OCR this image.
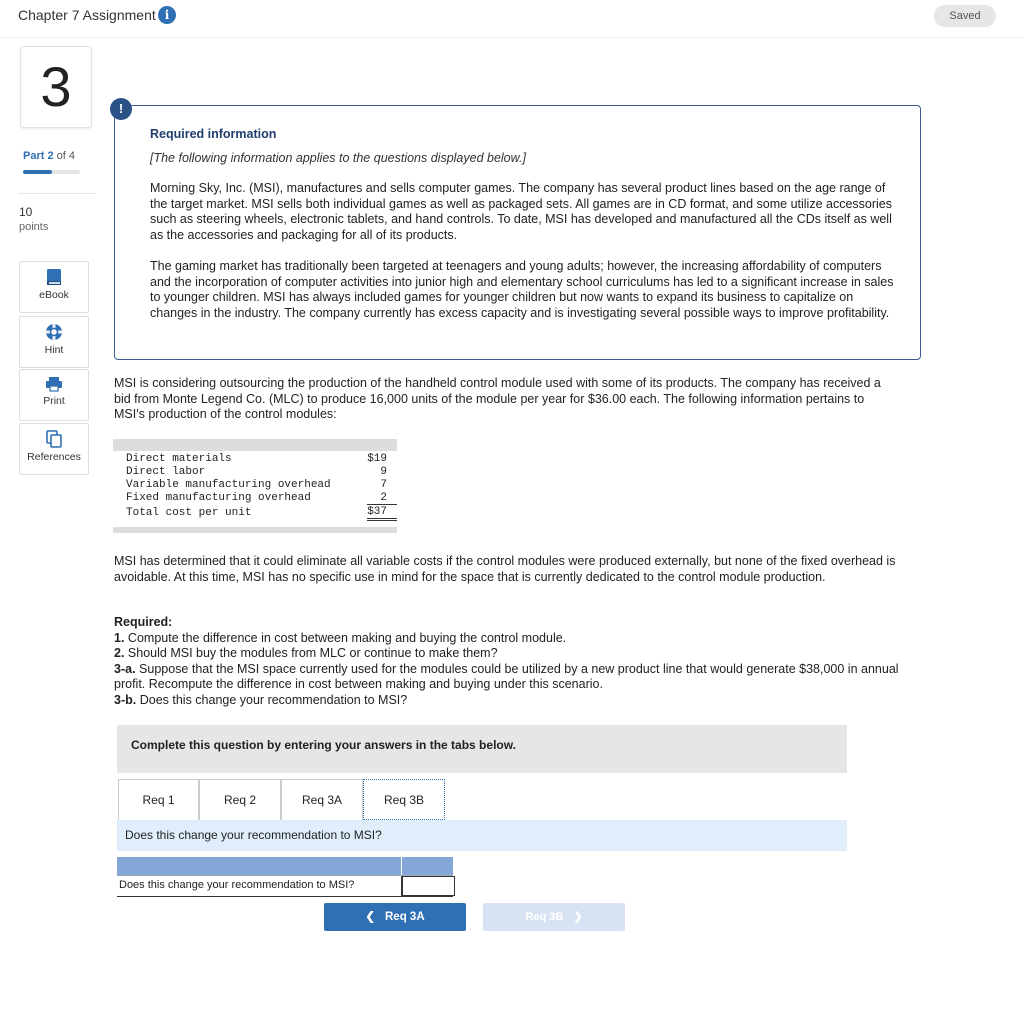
Chapter 7 Assignment i	Saved
3
Part 2 of 4
10
points
eBook
Hint
Print
References
!
Required information
[The following information applies to the questions displayed below.]
Morning Sky, Inc. (MSI), manufactures and sells computer games. The company has several product lines based on the age range of the target market. MSI sells both individual games as well as packaged sets. All games are in CD format, and some utilize accessories such as steering wheels, electronic tablets, and hand controls. To date, MSI has developed and manufactured all the CDs itself as well as the accessories and packaging for all of its products.
The gaming market has traditionally been targeted at teenagers and young adults; however, the increasing affordability of computers and the incorporation of computer activities into junior high and elementary school curriculums has led to a significant increase in sales to younger children. MSI has always included games for younger children but now wants to expand its business to capitalize on changes in the industry. The company currently has excess capacity and is investigating several possible ways to improve profitability.
MSI is considering outsourcing the production of the handheld control module used with some of its products. The company has received a bid from Monte Legend Co. (MLC) to produce 16,000 units of the module per year for $36.00 each. The following information pertains to MSI's production of the control modules:
Direct materials	$19
Direct labor	9
Variable manufacturing overhead	7
Fixed manufacturing overhead	2
Total cost per unit	$37
MSI has determined that it could eliminate all variable costs if the control modules were produced externally, but none of the fixed overhead is avoidable. At this time, MSI has no specific use in mind for the space that is currently dedicated to the control module production.
Required:
1. Compute the difference in cost between making and buying the control module.
2. Should MSI buy the modules from MLC or continue to make them?
3-a. Suppose that the MSI space currently used for the modules could be utilized by a new product line that would generate $38,000 in annual profit. Recompute the difference in cost between making and buying under this scenario.
3-b. Does this change your recommendation to MSI?
Complete this question by entering your answers in the tabs below.
Req 1	Req 2	Req 3A	Req 3B
Does this change your recommendation to MSI?
Does this change your recommendation to MSI?
❮ Req 3A	Req 3B ❯
